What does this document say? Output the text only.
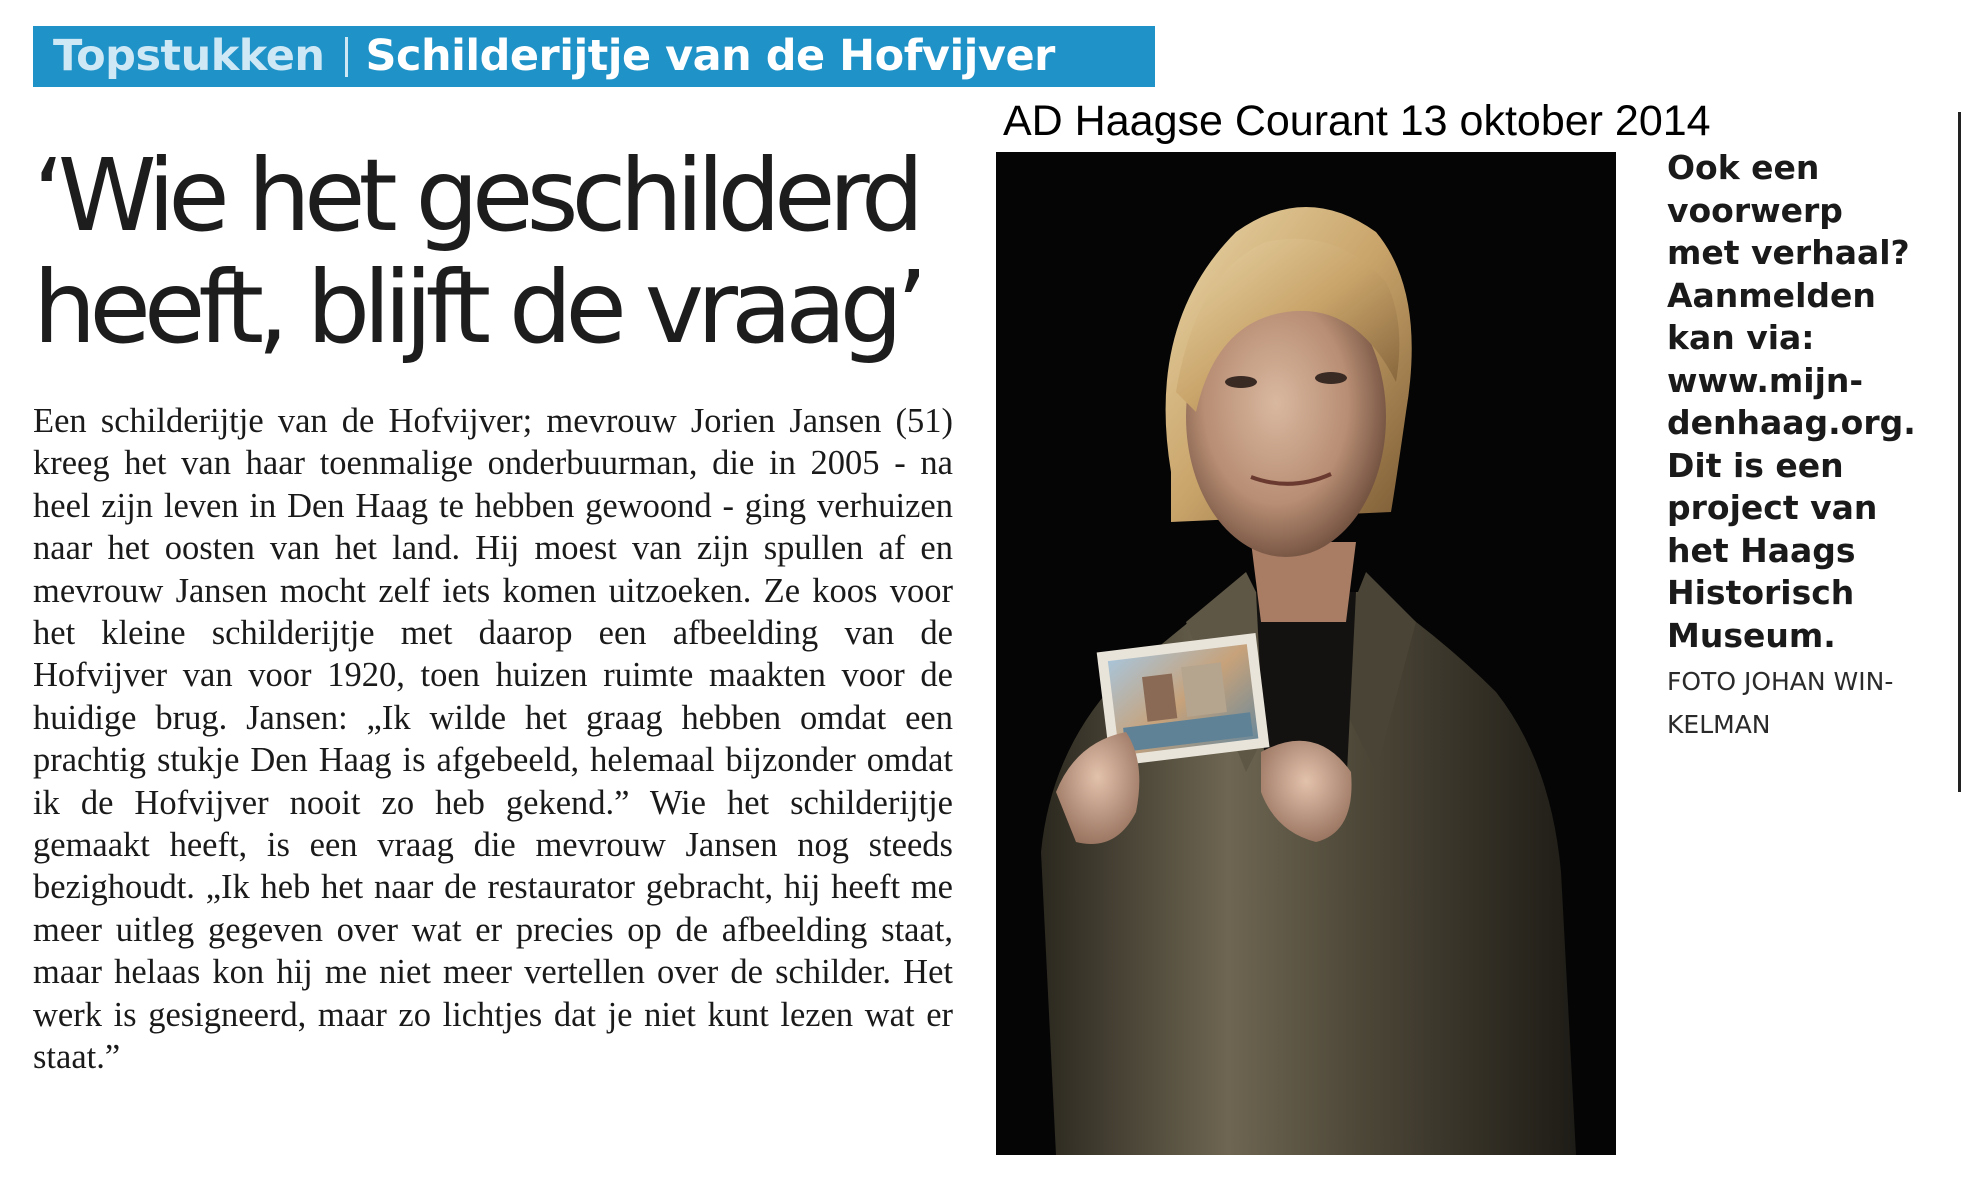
Topstukken Schilderijtje van de Hofvijver
AD Haagse Courant 13 oktober 2014
‘Wie het geschilderd heeft, blijft de vraag’

Een schilderijtje van de Hofvijver; mevrouw Jorien Jansen (51) kreeg het van haar toenmalige onderbuurman, die in 2005 - na heel zijn leven in Den Haag te hebben gewoond - ging verhuizen naar het oosten van het land. Hij moest van zijn spullen af en mevrouw Jansen mocht zelf iets komen uitzoeken. Ze koos voor het kleine schilderijtje met daarop een afbeelding van de Hofvijver van voor 1920, toen huizen ruimte maakten voor de huidige brug. Jansen: „Ik wilde het graag hebben omdat een prachtig stukje Den Haag is afgebeeld, helemaal bijzonder omdat ik de Hofvijver nooit zo heb gekend.” Wie het schilderijtje gemaakt heeft, is een vraag die mevrouw Jansen nog steeds bezighoudt. „Ik heb het naar de restaurator gebracht, hij heeft me meer uitleg gegeven over wat er precies op de afbeelding staat, maar helaas kon hij me niet meer vertellen over de schilder. Het werk is gesigneerd, maar zo lichtjes dat je niet kunt lezen wat er staat.”

Ook een
voorwerp
met verhaal?
Aanmelden
kan via:
www.mijn-
denhaag.org.
Dit is een
project van
het Haags
Historisch
Museum.

FOTO JOHAN WIN-
KELMAN
